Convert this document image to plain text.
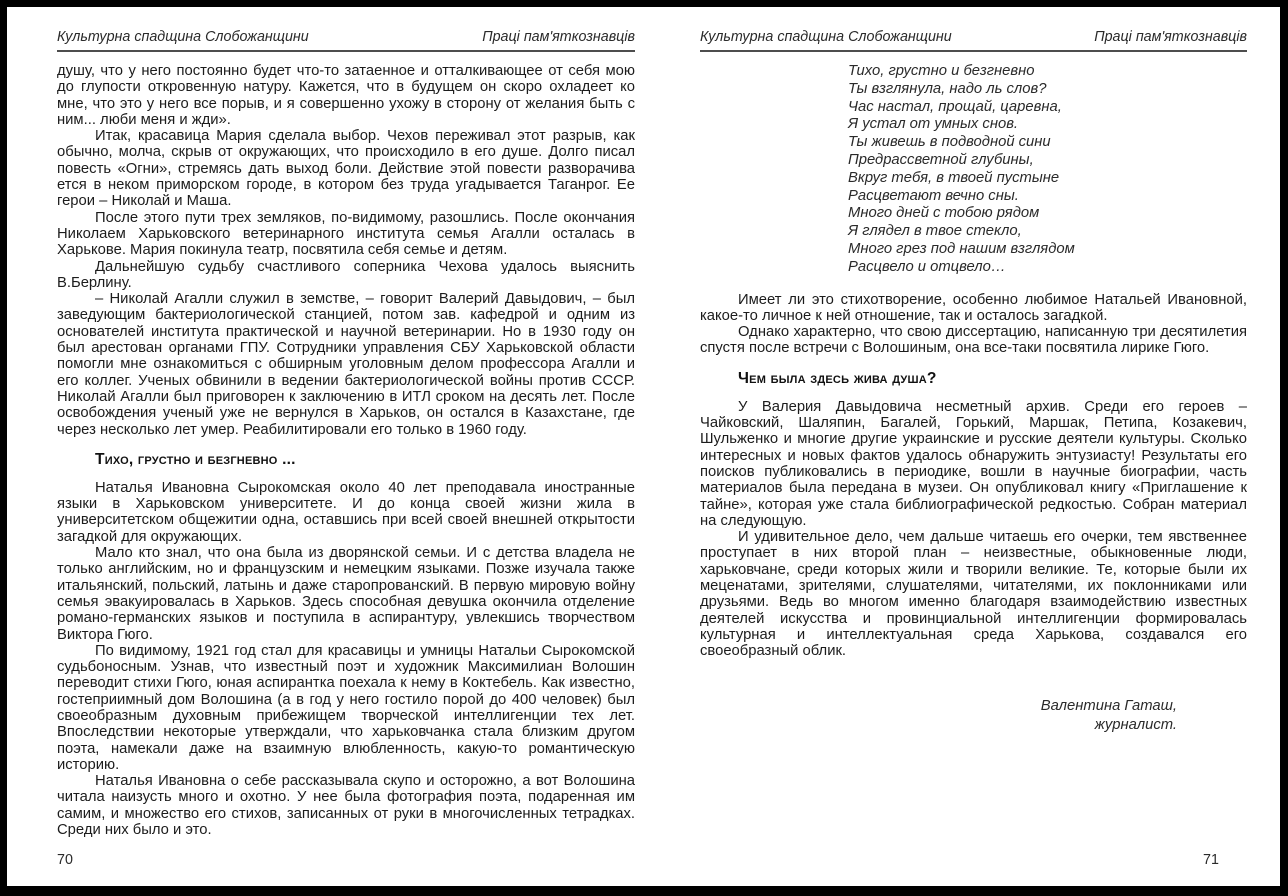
Культурна спадщина Слобожанщини	Праці пам'яткознавців

душу, что у него постоянно будет что-то затаенное и отталкивающее от себя мою до глупости откровенную натуру. Кажется, что в будущем он скоро охладеет ко мне, что это у него все порыв, и я совершенно ухожу в сторону от желания быть с ним... люби меня и жди».

Итак, красавица Мария сделала выбор. Чехов переживал этот разрыв, как обычно, молча, скрыв от окружающих, что происходило в его душе. Долго писал повесть «Огни», стремясь дать выход боли. Действие этой повести разворачива ется в неком приморском городе, в котором без труда угадывается Таганрог. Ее герои – Николай и Маша.

После этого пути трех земляков, по-видимому, разошлись. После окончания Николаем Харьковского ветеринарного института семья Агалли осталась в Харькове. Мария покинула театр, посвятила себя семье и детям.

Дальнейшую судьбу счастливого соперника Чехова удалось выяснить В.Берлину.

– Николай Агалли служил в земстве, – говорит Валерий Давыдович, – был заведующим бактериологической станцией, потом зав. кафедрой и одним из основателей института практической и научной ветеринарии. Но в 1930 году он был арестован органами ГПУ. Сотрудники управления СБУ Харьковской области помогли мне ознакомиться с обширным уголовным делом профессора Агалли и его коллег. Ученых обвинили в ведении бактериологической войны против СССР. Николай Агалли был приговорен к заключению в ИТЛ сроком на десять лет. После освобождения ученый уже не вернулся в Харьков, он остался в Казахстане, где через несколько лет умер. Реабилитировали его только в 1960 году.

Тихо, грустно и безгневно ...

Наталья Ивановна Сырокомская около 40 лет преподавала иностранные языки в Харьковском университете. И до конца своей жизни жила в университетском общежитии одна, оставшись при всей своей внешней открытости загадкой для окружающих.

Мало кто знал, что она была из дворянской семьи. И с детства владела не только английским, но и французским и немецким языками. Позже изучала также итальянский, польский, латынь и даже старопрованский. В первую мировую войну семья эвакуировалась в Харьков. Здесь способная девушка окончила отделение романо-германских языков и поступила в аспирантуру, увлекшись творчеством Виктора Гюго.

По видимому, 1921 год стал для красавицы и умницы Натальи Сырокомской судьбоносным. Узнав, что известный поэт и художник Максимилиан Волошин переводит стихи Гюго, юная аспирантка поехала к нему в Коктебель. Как известно, гостеприимный дом Волошина (а в год у него гостило порой до 400 человек) был своеобразным духовным прибежищем творческой интеллигенции тех лет. Впоследствии некоторые утверждали, что харьковчанка стала близким другом поэта, намекали даже на взаимную влюбленность, какую-то романтическую историю.

Наталья Ивановна о себе рассказывала скупо и осторожно, а вот Волошина читала наизусть много и охотно. У нее была фотография поэта, подаренная им самим, и множество его стихов, записанных от руки в многочисленных тетрадках. Среди них было и это.

Культурна спадщина Слобожанщини	Праці пам'яткознавців
Тихо, грустно и безгневно
Ты взглянула, надо ль слов?
Час настал, прощай, царевна,
Я устал от умных снов.
Ты живешь в подводной сини
Предрассветной глубины,
Вкруг тебя, в твоей пустыне
Расцветают вечно сны.
Много дней с тобою рядом
Я глядел в твое стекло,
Много грез под нашим взглядом
Расцвело и отцвело…

Имеет ли это стихотворение, особенно любимое Натальей Ивановной, какое-то личное к ней отношение, так и осталось загадкой.

Однако характерно, что свою диссертацию, написанную три десятилетия спустя после встречи с Волошиным, она все-таки посвятила лирике Гюго.

Чем была здесь жива душа?

У Валерия Давыдовича несметный архив. Среди его героев – Чайковский, Шаляпин, Багалей, Горький, Маршак, Петипа, Козакевич, Шульженко и многие другие украинские и русские деятели культуры. Сколько интересных и новых фактов удалось обнаружить энтузиасту! Результаты его поисков публиковались в периодике, вошли в научные биографии, часть материалов была передана в музеи. Он опубликовал книгу «Приглашение к тайне», которая уже стала библиографической редкостью. Собран материал на следующую.

И удивительное дело, чем дальше читаешь его очерки, тем явственнее проступает в них второй план – неизвестные, обыкновенные люди, харьковчане, среди которых жили и творили великие. Те, которые были их меценатами, зрителями, слушателями, читателями, их поклонниками или друзьями. Ведь во многом именно благодаря взаимодействию известных деятелей искусства и провинциальной интеллигенции формировалась культурная и интеллектуальная среда Харькова, создавался его своеобразный облик.

Валентина Гаташ,
журналист.
70	71
